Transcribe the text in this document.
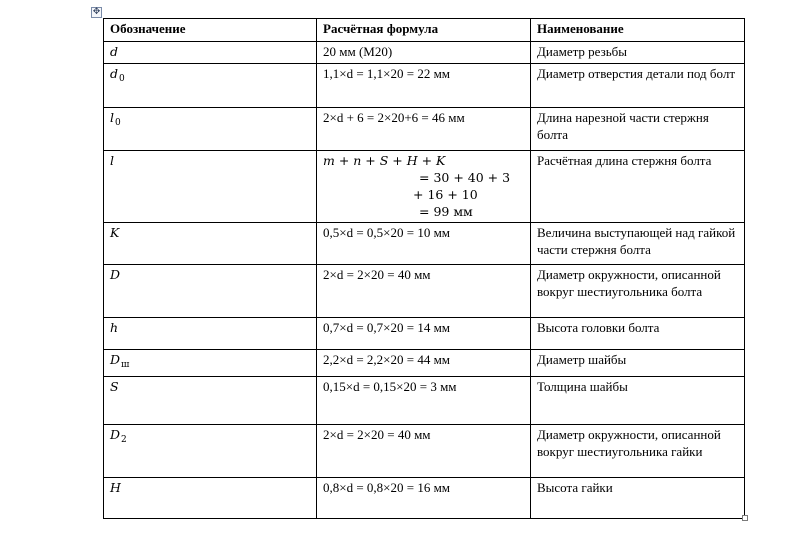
✥
Обозначение	Расчётная формула	Наименование
d	20 мм (М20)	Диаметр резьбы
$d_0$	1,1×d = 1,1×20 = 22 мм	Диаметр отверстия детали под болт
$l_0$	2×d + 6 = 2×20+6 = 46 мм	Длина нарезной части стержня болта
l	m + n + S + H + K
= 30 + 40 + 3
+ 16 + 10
= 99 мм	Расчётная длина стержня болта
K	0,5×d = 0,5×20 = 10 мм	Величина выступающей над гайкой части стержня болта
D	2×d = 2×20 = 40 мм	Диаметр окружности, описанной вокруг шестиугольника болта
h	0,7×d = 0,7×20 = 14 мм	Высота головки болта
$D_ш$	2,2×d = 2,2×20 = 44 мм	Диаметр шайбы
S	0,15×d = 0,15×20 = 3 мм	Толщина шайбы
$D_2$	2×d = 2×20 = 40 мм	Диаметр окружности, описанной вокруг шестиугольника гайки
H	0,8×d = 0,8×20 = 16 мм	Высота гайки
